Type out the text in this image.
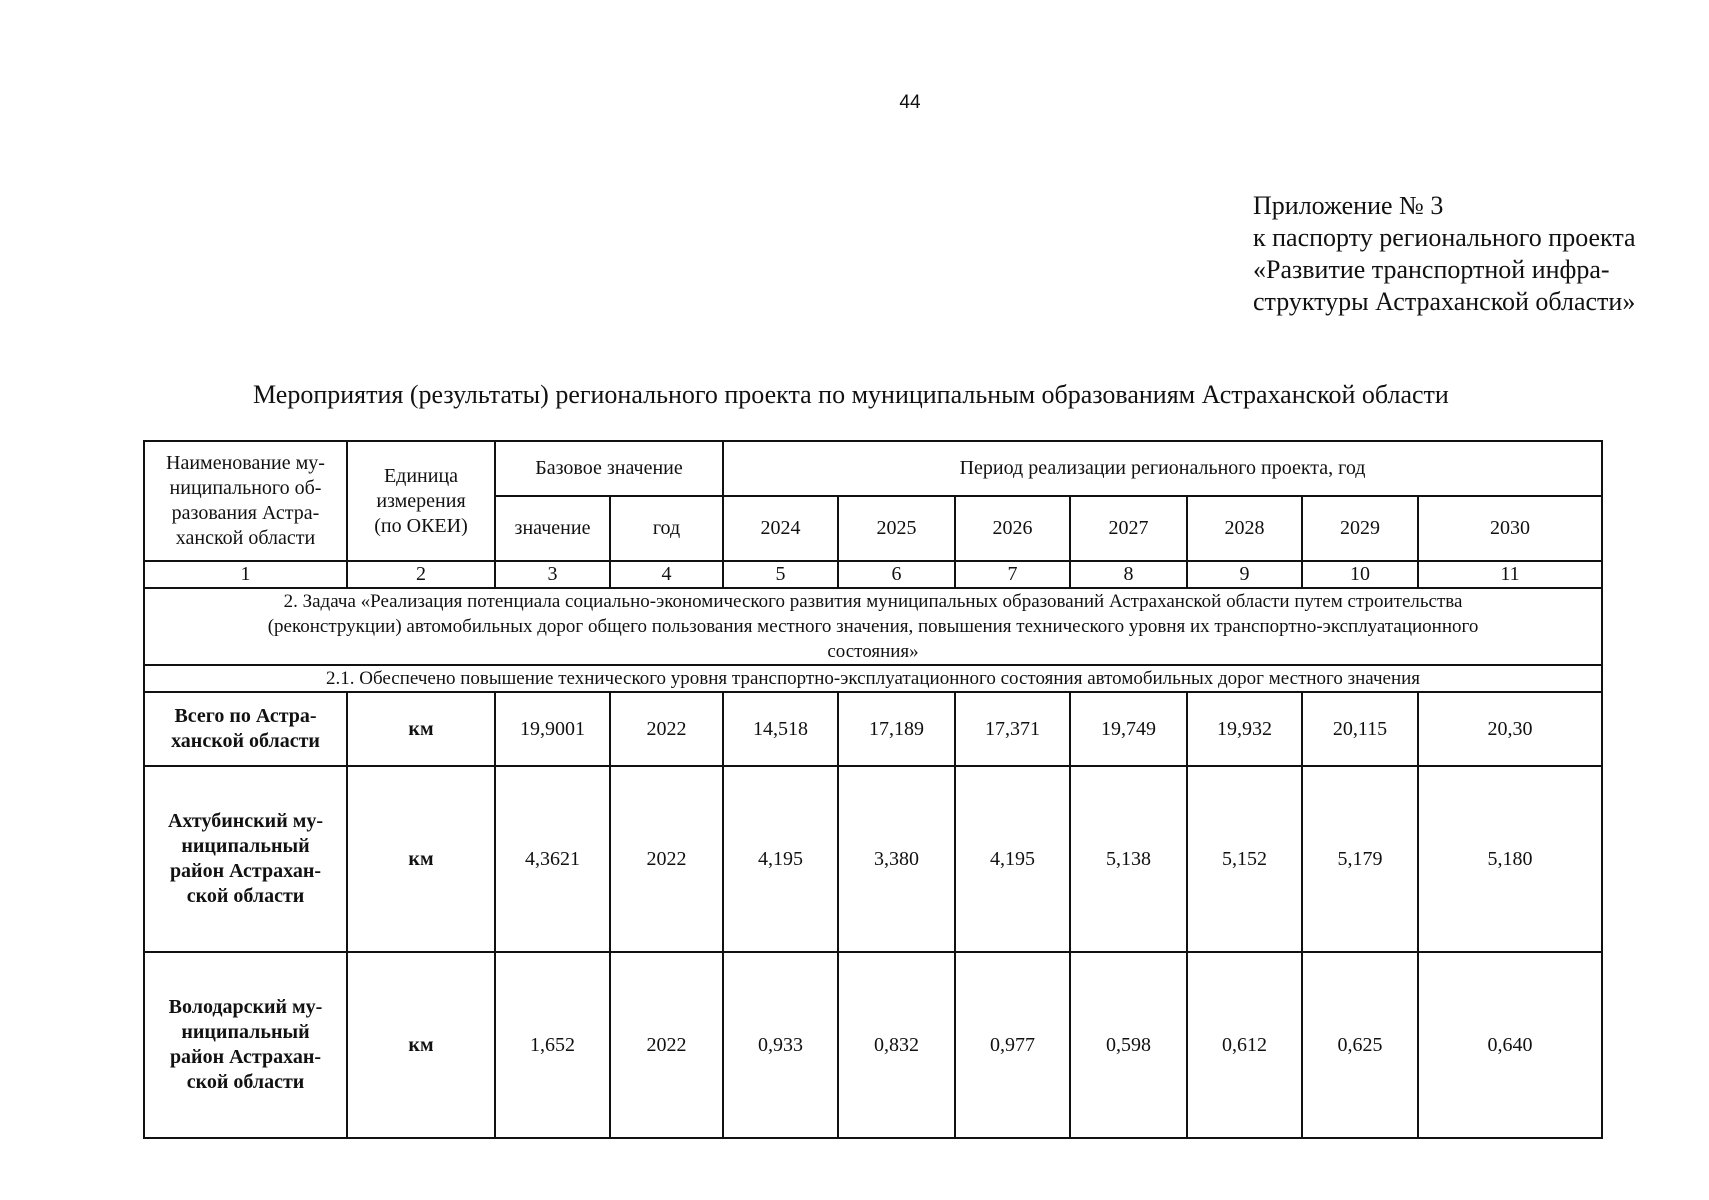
44
Приложение № 3
к паспорту регионального проекта
«Развитие транспортной инфра-
структуры Астраханской области»
Мероприятия (результаты) регионального проекта по муниципальным образованиям Астраханской области
Наименование му-
ниципального об-
разования Астра-
ханской области	Единица
измерения
(по ОКЕИ)	Базовое значение		Период реализации регионального проекта, год						
		значение	год	2024	2025	2026	2027	2028	2029	2030
1	2	3	4	5	6	7	8	9	10	11
2. Задача «Реализация потенциала социально-экономического развития муниципальных образований Астраханской области путем строительства (реконструкции) автомобильных дорог общего пользования местного значения, повышения технического уровня их транспортно-эксплуатационного состояния»										
2.1. Обеспечено повышение технического уровня транспортно-эксплуатационного состояния автомобильных дорог местного значения										
Всего по Астра-
ханской области	км	19,9001	2022	14,518	17,189	17,371	19,749	19,932	20,115	20,30
Ахтубинский му-
ниципальный
район Астрахан-
ской области	км	4,3621	2022	4,195	3,380	4,195	5,138	5,152	5,179	5,180
Володарский му-
ниципальный
район Астрахан-
ской области	км	1,652	2022	0,933	0,832	0,977	0,598	0,612	0,625	0,640
